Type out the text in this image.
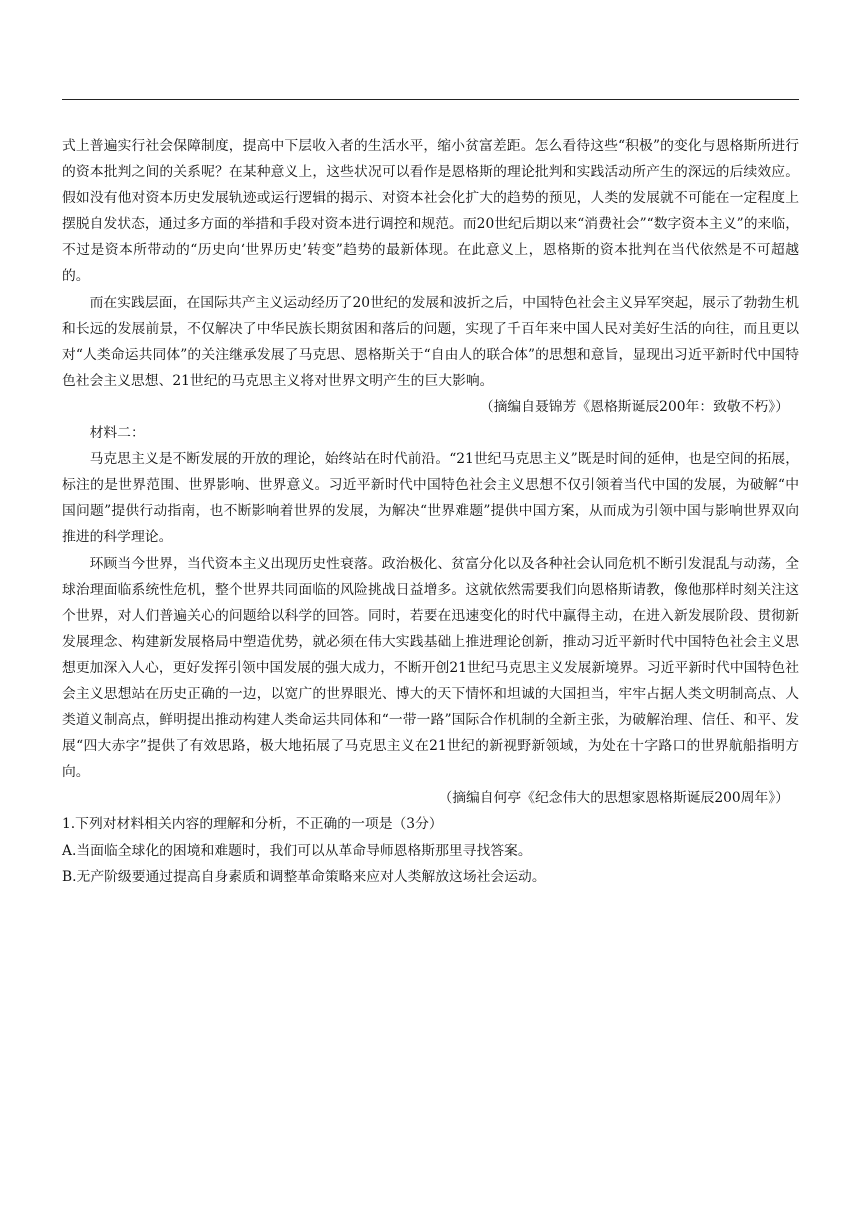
式上普遍实行社会保障制度，提高中下层收入者的生活水平，缩小贫富差距。怎么看待这些“积极”的变化与恩格斯所进行的资本批判之间的关系呢？在某种意义上，这些状况可以看作是恩格斯的理论批判和实践活动所产生的深远的后续效应。假如没有他对资本历史发展轨迹或运行逻辑的揭示、对资本社会化扩大的趋势的预见，人类的发展就不可能在一定程度上摆脱自发状态，通过多方面的举措和手段对资本进行调控和规范。而20世纪后期以来“消费社会”“数字资本主义”的来临，不过是资本所带动的“历史向‘世界历史’转变”趋势的最新体现。在此意义上，恩格斯的资本批判在当代依然是不可超越的。

而在实践层面，在国际共产主义运动经历了20世纪的发展和波折之后，中国特色社会主义异军突起，展示了勃勃生机和长远的发展前景，不仅解决了中华民族长期贫困和落后的问题，实现了千百年来中国人民对美好生活的向往，而且更以对“人类命运共同体”的关注继承发展了马克思、恩格斯关于“自由人的联合体”的思想和意旨，显现出习近平新时代中国特色社会主义思想、21世纪的马克思主义将对世界文明产生的巨大影响。

（摘编自聂锦芳《恩格斯诞辰200年：致敬不朽》）

材料二：

马克思主义是不断发展的开放的理论，始终站在时代前沿。“21世纪马克思主义”既是时间的延伸，也是空间的拓展，标注的是世界范围、世界影响、世界意义。习近平新时代中国特色社会主义思想不仅引领着当代中国的发展，为破解“中国问题”提供行动指南，也不断影响着世界的发展，为解决“世界难题”提供中国方案，从而成为引领中国与影响世界双向推进的科学理论。

环顾当今世界，当代资本主义出现历史性衰落。政治极化、贫富分化以及各种社会认同危机不断引发混乱与动荡，全球治理面临系统性危机，整个世界共同面临的风险挑战日益增多。这就依然需要我们向恩格斯请教，像他那样时刻关注这个世界，对人们普遍关心的问题给以科学的回答。同时，若要在迅速变化的时代中赢得主动，在进入新发展阶段、贯彻新发展理念、构建新发展格局中塑造优势，就必须在伟大实践基础上推进理论创新，推动习近平新时代中国特色社会主义思想更加深入人心，更好发挥引领中国发展的强大成力，不断开创21世纪马克思主义发展新境界。习近平新时代中国特色社会主义思想站在历史正确的一边，以宽广的世界眼光、博大的天下情怀和坦诚的大国担当，牢牢占据人类文明制高点、人类道义制高点，鲜明提出推动构建人类命运共同体和“一带一路”国际合作机制的全新主张，为破解治理、信任、和平、发展“四大赤字”提供了有效思路，极大地拓展了马克思主义在21世纪的新视野新领域，为处在十字路口的世界航船指明方向。

（摘编自何亭《纪念伟大的思想家恩格斯诞辰200周年》）

1.下列对材料相关内容的理解和分析，不正确的一项是（3分）

A.当面临全球化的困境和难题时，我们可以从革命导师恩格斯那里寻找答案。

B.无产阶级要通过提高自身素质和调整革命策略来应对人类解放这场社会运动。
